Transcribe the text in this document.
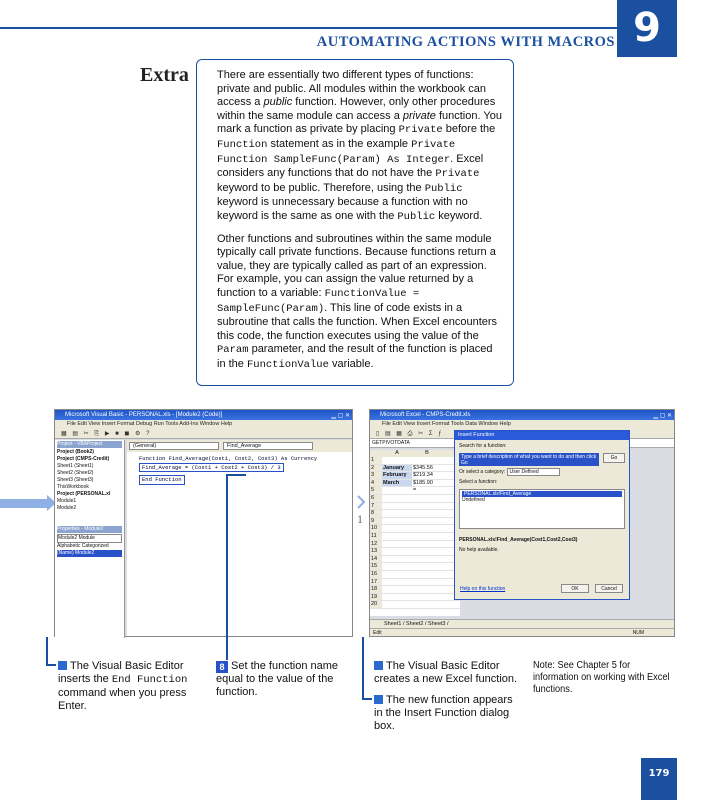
9
AUTOMATING ACTIONS WITH MACROS
Extra	There are essentially two different types of functions: private and public. All modules within the workbook can access a public function. However, only other procedures within the same module can access a private function. You mark a function as private by placing Private before the Function statement as in the example Private Function SampleFunc(Param) As Integer. Excel considers any functions that do not have the Private keyword to be public. Therefore, using the Public keyword is unnecessary because a function with no keyword is the same as one with the Public keyword.

Other functions and subroutines within the same module typically call private functions. Because functions return a value, they are typically called as part of an expression. For example, you can assign the value returned by a function to a variable: FunctionValue = SampleFunc(Param). This line of code exists in a subroutine that calls the function. When Excel encounters this code, the function executes using the value of the Param parameter, and the result of the function is placed in the FunctionValue variable.

Microsoft Visual Basic - PERSONAL.xls - [Module2 (Code)]	▁ ▢ ✕
File Edit View Insert Format Debug Run Tools Add-Ins Window Help
▦ ▤ ✂ ⎘ ▶ ■ ◼ ⚙ ?
Project - VBAProject
Project (Book2)
Project (CMPS-Credit)
Sheet1 (Sheet1)
Sheet2 (Sheet2)
Sheet3 (Sheet3)
ThisWorkbook
Project (PERSONAL.xl
Module1
Module2
Properties - Module2
Module2 Module
Alphabetic Categorized
(Name) Module2
(General)	Find_Average
Function Find_Average(Cost1, Cost2, Cost3) As Currency
Find_Average = (Cost1 + Cost2 + Cost3) / 3
End Function
1
Microsoft Excel - CMPS-Credit.xls	▁ ▢ ✕
File Edit View Insert Format Tools Data Window Help
▯ ▤ ▦ ⎙ ✂ Σ ƒ
GETPIVOTDATA
A	B
1
2	January	$345.56
3	February	$219.34
4	March	$185.90
5	=
6
7
8
9
10
11
12
13
14
15
16
17
18
19
20
Insert Function
Search for a function:
Type a brief description of what you want to do and then click Go
Go
Or select a category: User Defined
Select a function:
PERSONAL.xls!Find_Average
Undefined
PERSONAL.xls!Find_Average(Cost1,Cost2,Cost3)
No help available.
Help on this function	OK	Cancel
Sheet1 / Sheet2 / Sheet3 /
Edit	NUM
The Visual Basic Editor inserts the End Function command when you press Enter.
8 Set the function name equal to the value of the function.
The Visual Basic Editor creates a new Excel function.
The new function appears in the Insert Function dialog box.
Note: See Chapter 5 for information on working with Excel functions.
179
